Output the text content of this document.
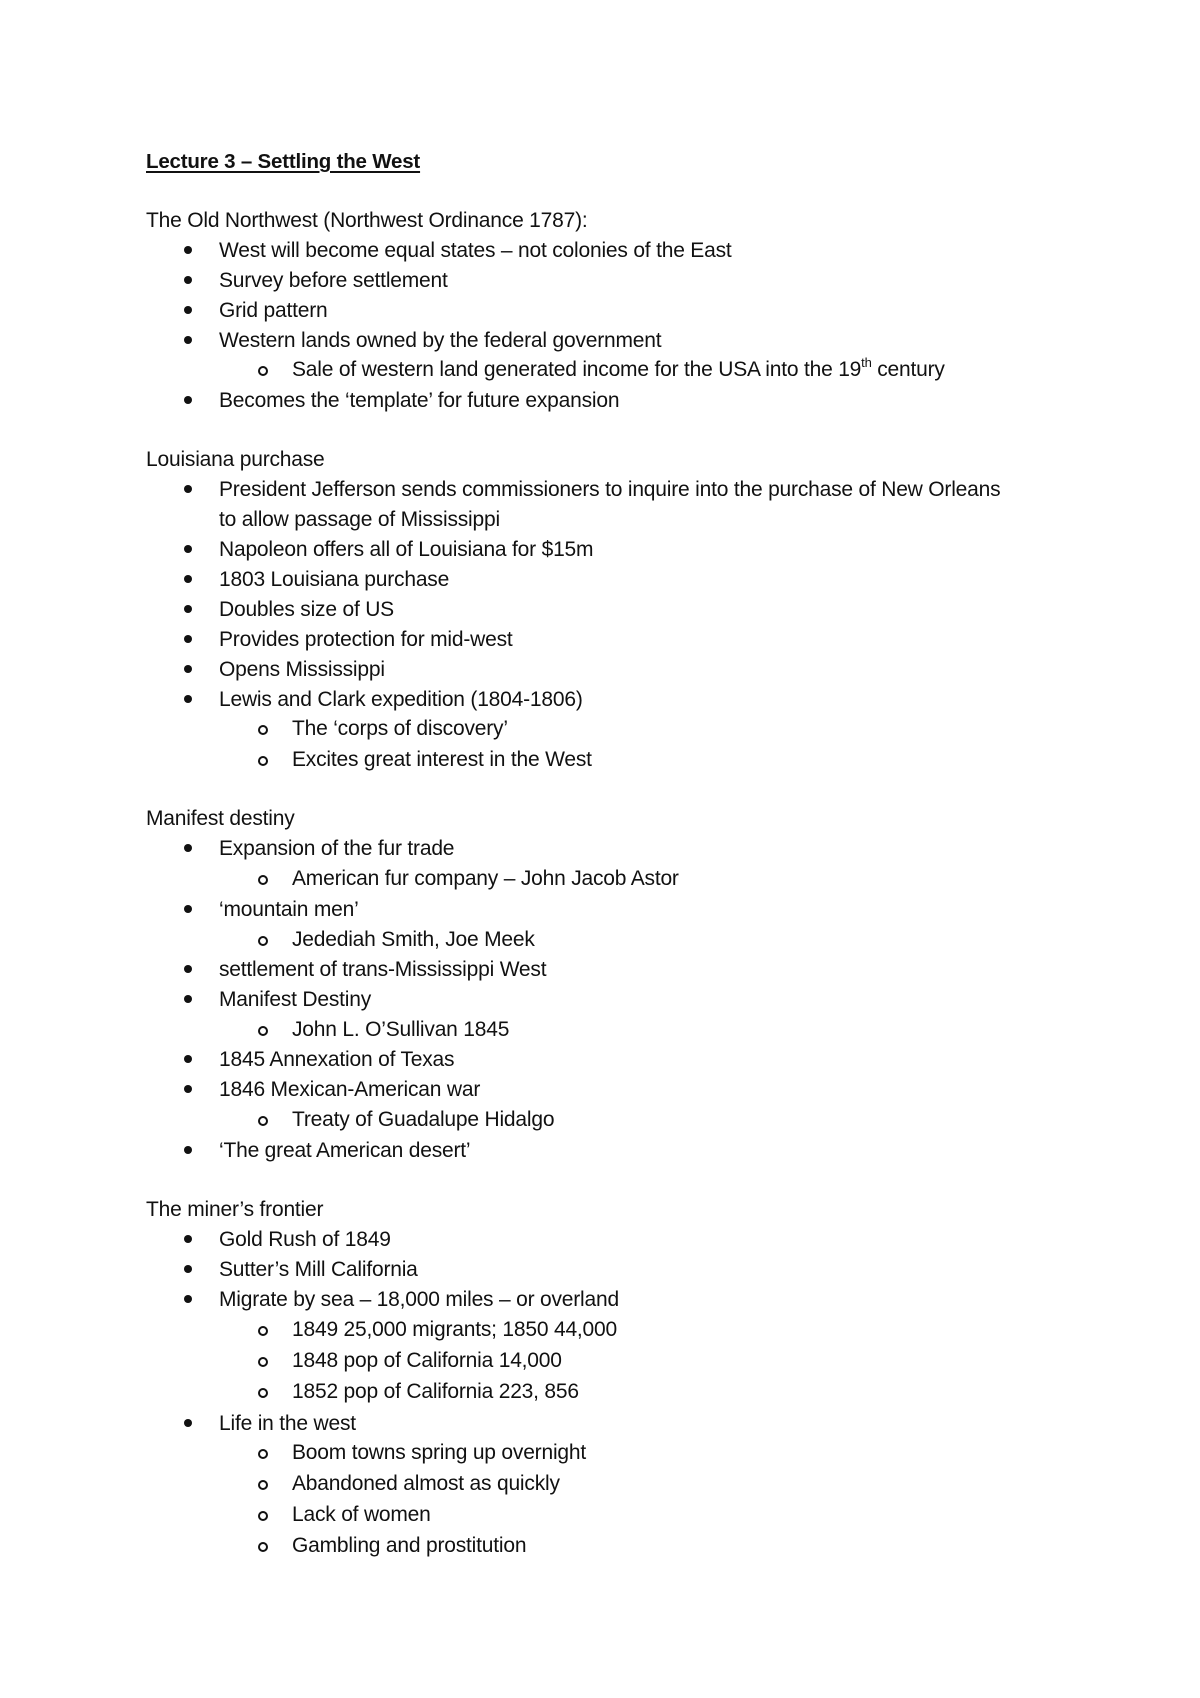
Lecture 3 – Settling the West
The Old Northwest (Northwest Ordinance 1787):
West will become equal states – not colonies of the East
Survey before settlement
Grid pattern
Western lands owned by the federal government
Sale of western land generated income for the USA into the 19th century
Becomes the ‘template’ for future expansion
Louisiana purchase
President Jefferson sends commissioners to inquire into the purchase of New Orleans
to allow passage of Mississippi
Napoleon offers all of Louisiana for $15m
1803 Louisiana purchase
Doubles size of US
Provides protection for mid-west
Opens Mississippi
Lewis and Clark expedition (1804-1806)
The ‘corps of discovery’
Excites great interest in the West
Manifest destiny
Expansion of the fur trade
American fur company – John Jacob Astor
‘mountain men’
Jedediah Smith, Joe Meek
settlement of trans-Mississippi West
Manifest Destiny
John L. O’Sullivan 1845
1845 Annexation of Texas
1846 Mexican-American war
Treaty of Guadalupe Hidalgo
‘The great American desert’
The miner’s frontier
Gold Rush of 1849
Sutter’s Mill California
Migrate by sea – 18,000 miles – or overland
1849 25,000 migrants; 1850 44,000
1848 pop of California 14,000
1852 pop of California 223, 856
Life in the west
Boom towns spring up overnight
Abandoned almost as quickly
Lack of women
Gambling and prostitution
